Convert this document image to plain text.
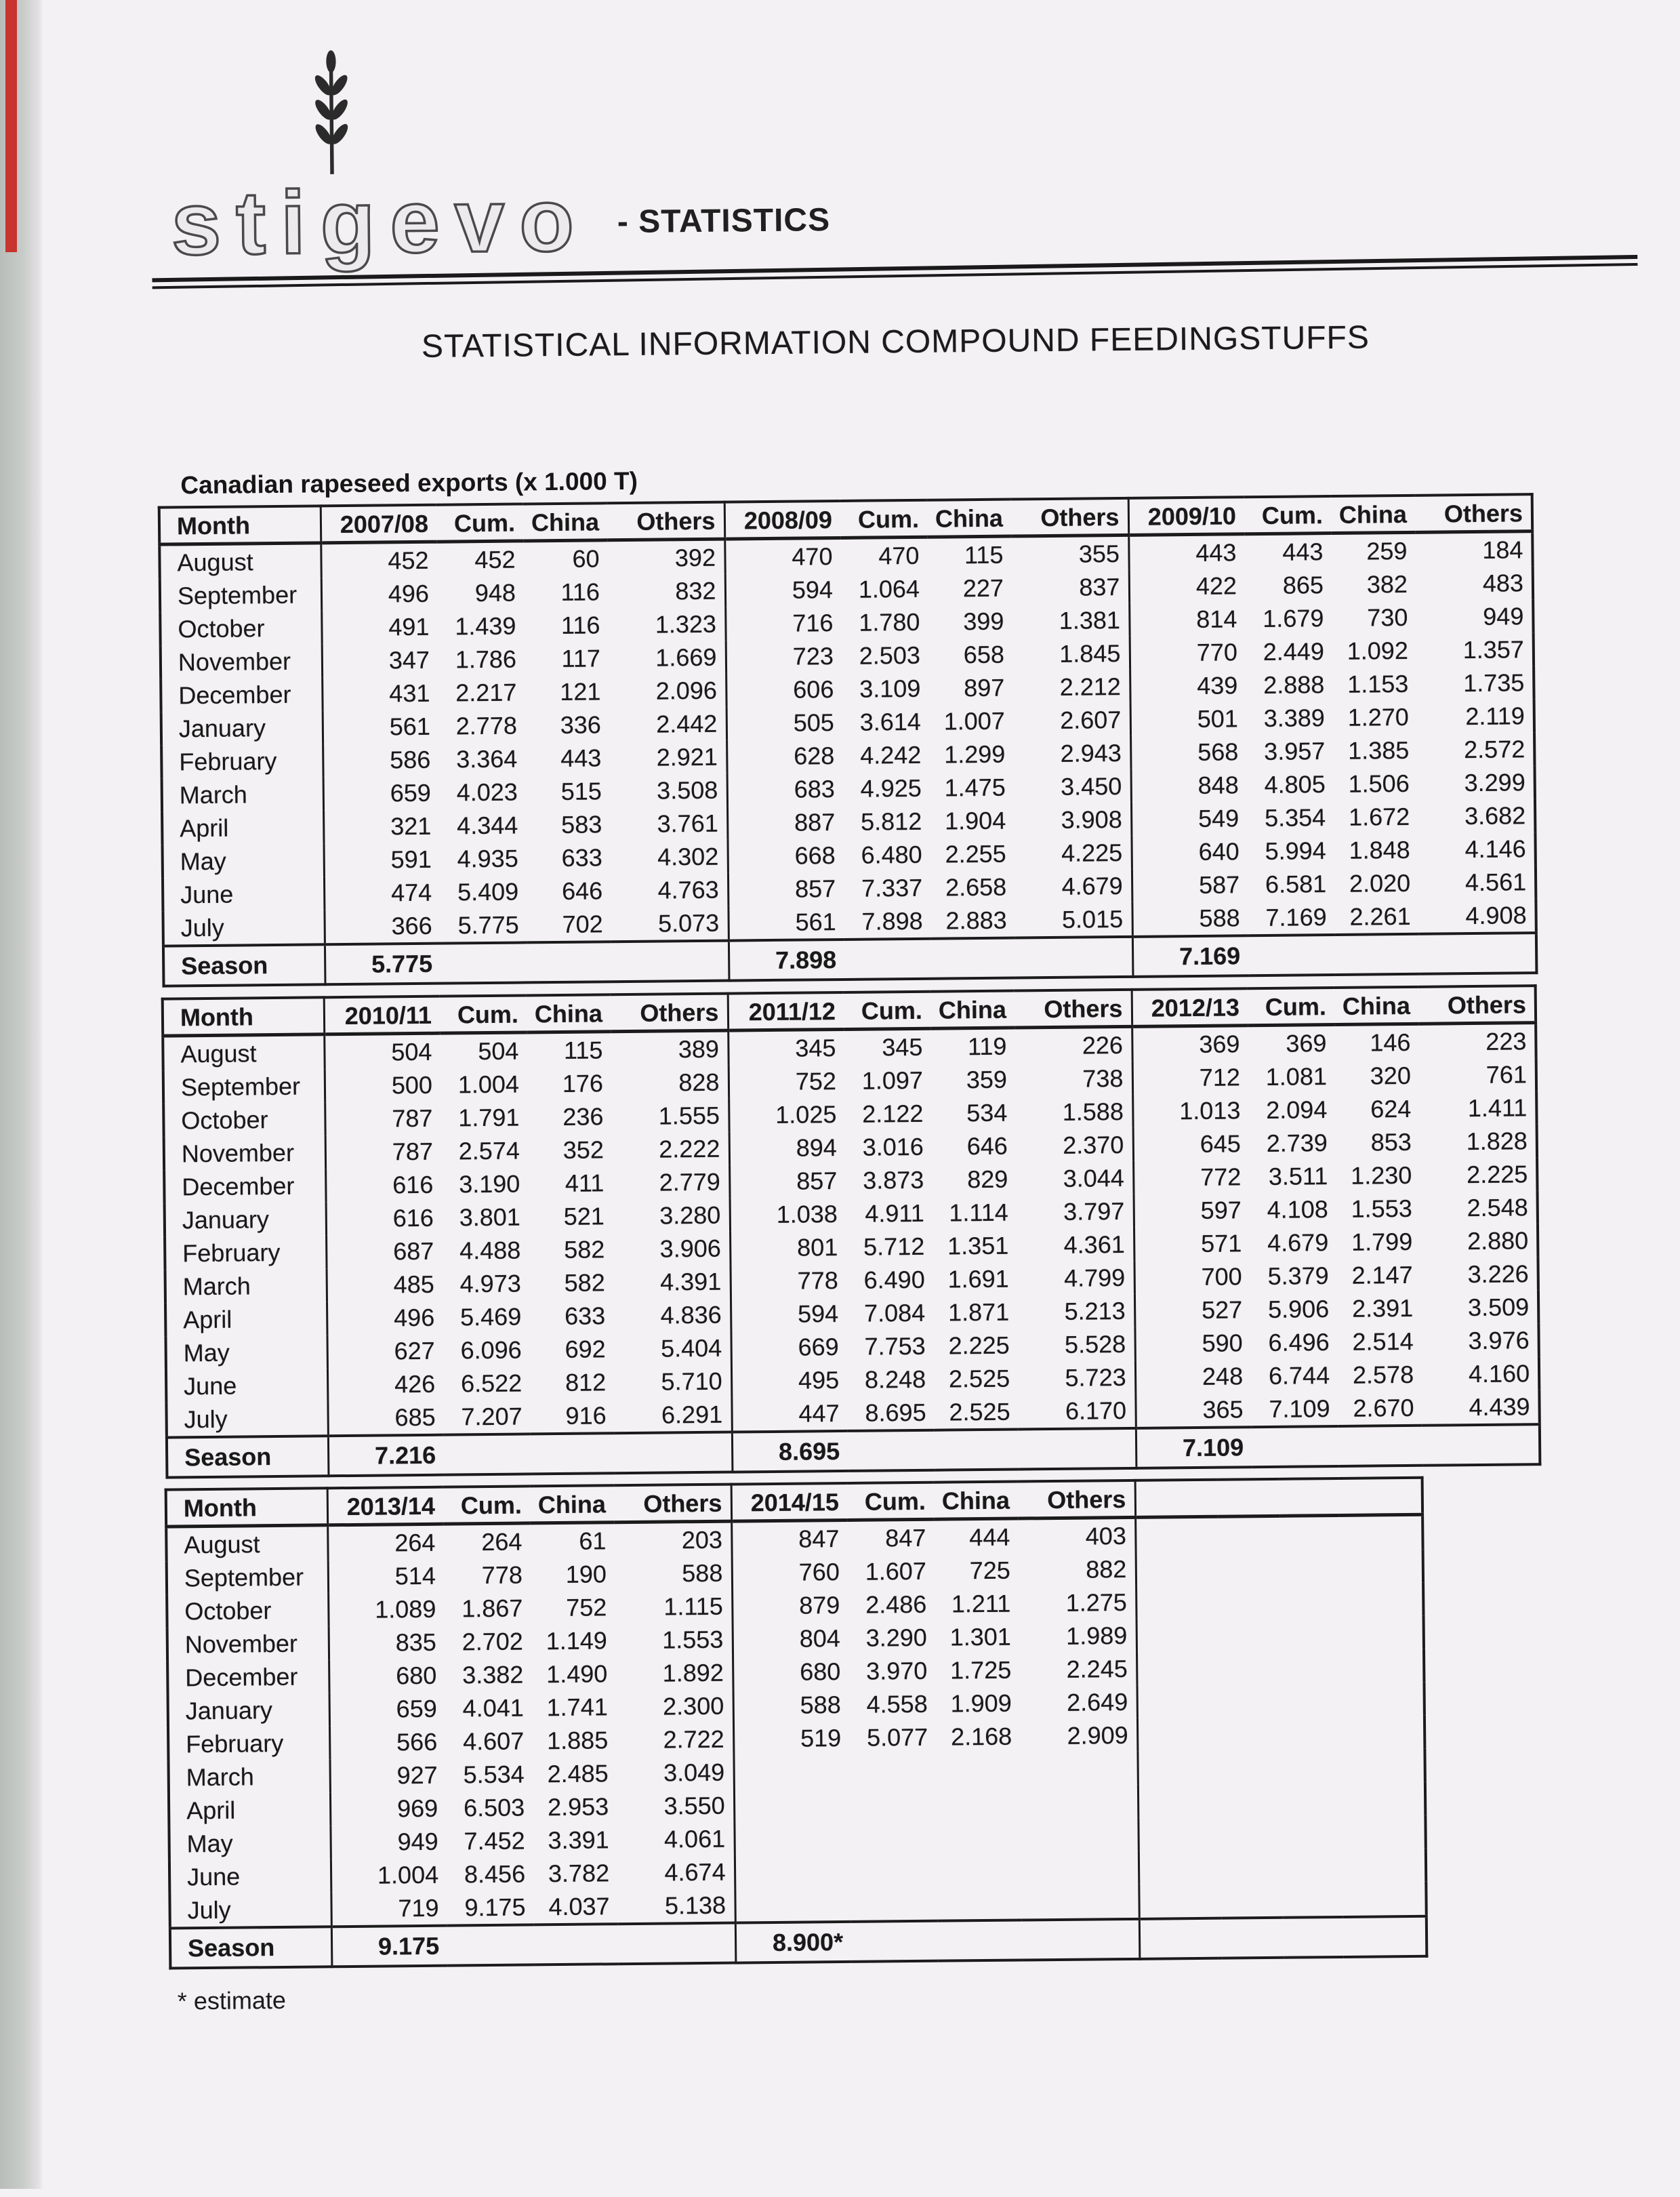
stigevo - STATISTICS
STATISTICAL INFORMATION COMPOUND FEEDINGSTUFFS
Canadian rapeseed exports (x 1.000 T)
Month	2007/08	Cum.	China	Others	2008/09	Cum.	China	Others	2009/10	Cum.	China	Others
August	452	452	60	392	470	470	115	355	443	443	259	184
September	496	948	116	832	594	1.064	227	837	422	865	382	483
October	491	1.439	116	1.323	716	1.780	399	1.381	814	1.679	730	949
November	347	1.786	117	1.669	723	2.503	658	1.845	770	2.449	1.092	1.357
December	431	2.217	121	2.096	606	3.109	897	2.212	439	2.888	1.153	1.735
January	561	2.778	336	2.442	505	3.614	1.007	2.607	501	3.389	1.270	2.119
February	586	3.364	443	2.921	628	4.242	1.299	2.943	568	3.957	1.385	2.572
March	659	4.023	515	3.508	683	4.925	1.475	3.450	848	4.805	1.506	3.299
April	321	4.344	583	3.761	887	5.812	1.904	3.908	549	5.354	1.672	3.682
May	591	4.935	633	4.302	668	6.480	2.255	4.225	640	5.994	1.848	4.146
June	474	5.409	646	4.763	857	7.337	2.658	4.679	587	6.581	2.020	4.561
July	366	5.775	702	5.073	561	7.898	2.883	5.015	588	7.169	2.261	4.908
Season	5.775				7.898				7.169			
Month	2010/11	Cum.	China	Others	2011/12	Cum.	China	Others	2012/13	Cum.	China	Others
August	504	504	115	389	345	345	119	226	369	369	146	223
September	500	1.004	176	828	752	1.097	359	738	712	1.081	320	761
October	787	1.791	236	1.555	1.025	2.122	534	1.588	1.013	2.094	624	1.411
November	787	2.574	352	2.222	894	3.016	646	2.370	645	2.739	853	1.828
December	616	3.190	411	2.779	857	3.873	829	3.044	772	3.511	1.230	2.225
January	616	3.801	521	3.280	1.038	4.911	1.114	3.797	597	4.108	1.553	2.548
February	687	4.488	582	3.906	801	5.712	1.351	4.361	571	4.679	1.799	2.880
March	485	4.973	582	4.391	778	6.490	1.691	4.799	700	5.379	2.147	3.226
April	496	5.469	633	4.836	594	7.084	1.871	5.213	527	5.906	2.391	3.509
May	627	6.096	692	5.404	669	7.753	2.225	5.528	590	6.496	2.514	3.976
June	426	6.522	812	5.710	495	8.248	2.525	5.723	248	6.744	2.578	4.160
July	685	7.207	916	6.291	447	8.695	2.525	6.170	365	7.109	2.670	4.439
Season	7.216				8.695				7.109			
Month	2013/14	Cum.	China	Others	2014/15	Cum.	China	Others				
August	264	264	61	203	847	847	444	403				
September	514	778	190	588	760	1.607	725	882				
October	1.089	1.867	752	1.115	879	2.486	1.211	1.275				
November	835	2.702	1.149	1.553	804	3.290	1.301	1.989				
December	680	3.382	1.490	1.892	680	3.970	1.725	2.245				
January	659	4.041	1.741	2.300	588	4.558	1.909	2.649				
February	566	4.607	1.885	2.722	519	5.077	2.168	2.909				
March	927	5.534	2.485	3.049								
April	969	6.503	2.953	3.550								
May	949	7.452	3.391	4.061								
June	1.004	8.456	3.782	4.674								
July	719	9.175	4.037	5.138								
Season	9.175				8.900*							
* estimate
